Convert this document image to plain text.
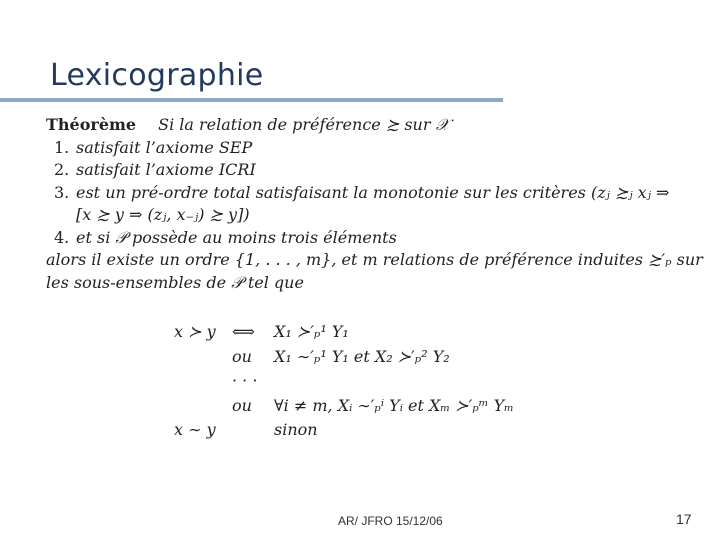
Lexicographie
Théorème Si la relation de préférence ≿ sur 𝒳
1. satisfait l’axiome SEP
2. satisfait l’axiome ICRI
3. est un pré-ordre total satisfaisant la monotonie sur les critères (zⱼ ≿ⱼ xⱼ ⇒
[x ≿ y ⇒ (zⱼ, x₋ⱼ) ≿ y])
4. et si 𝒫 possède au moins trois éléments
alors il existe un ordre {1, . . . , m}, et m relations de préférence induites ≿′ₚ sur
les sous-ensembles de 𝒫 tel que
x ≻ y ⟺ X₁ ≻′ₚ¹ Y₁
ou X₁ ∼′ₚ¹ Y₁ et X₂ ≻′ₚ² Y₂
· · ·
ou ∀i ≠ m, Xᵢ ∼′ₚⁱ Yᵢ et Xₘ ≻′ₚᵐ Yₘ
x ∼ y	sinon
AR/ JFRO 15/12/06	17
